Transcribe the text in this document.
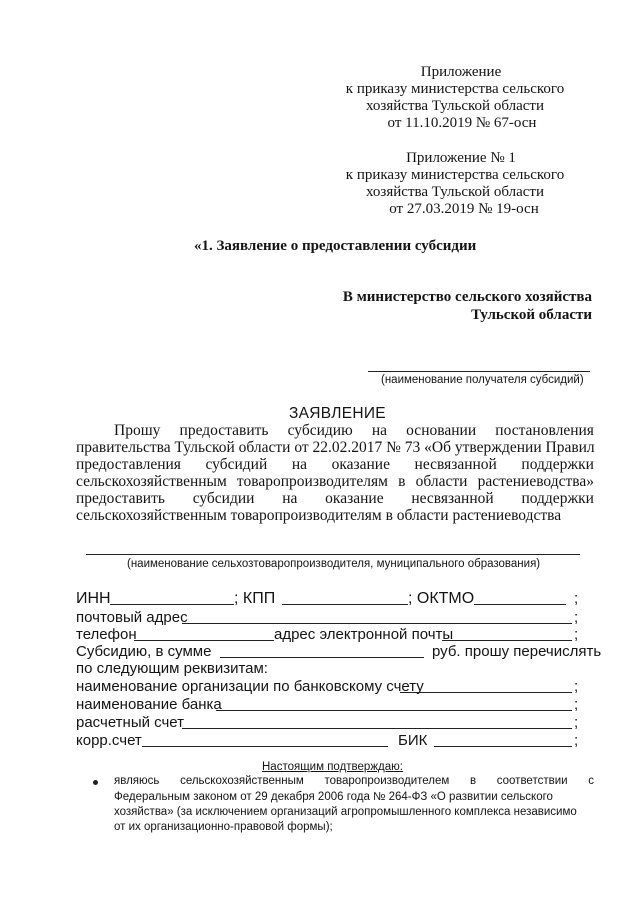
Приложение
к приказу министерства сельского
хозяйства Тульской области
от 11.10.2019 № 67-осн
Приложение № 1
к приказу министерства сельского
хозяйства Тульской области
от 27.03.2019 № 19-осн
«1. Заявление о предоставлении субсидии
В министерство сельского хозяйства
Тульской области
(наименование получателя субсидий)
ЗАЯВЛЕНИЕ
Прошу предоставить субсидию на основании постановления
правительства Тульской области от 22.02.2017 № 73 «Об утверждении Правил
предоставления субсидий на оказание несвязанной поддержки
сельскохозяйственным товаропроизводителям в области растениеводства»
предоставить субсидии на оказание несвязанной поддержки
сельскохозяйственным товаропроизводителям в области растениеводства
(наименование сельхозтоваропроизводителя, муниципального образования)
ИНН	; КПП	; ОКТМО	;
почтовый адрес	;
телефон	адрес электронной почты	;
Субсидию, в сумме	руб. прошу перечислять
по следующим реквизитам:
наименование организации по банковскому счету	;
наименование банка	;
расчетный счет	;
корр.счет	БИК	;
Настоящим подтверждаю:
являюсь сельскохозяйственным товаропроизводителем в соответствии с
Федеральным законом от 29 декабря 2006 года № 264-ФЗ «О развитии сельского
хозяйства» (за исключением организаций агропромышленного комплекса независимо
от их организационно-правовой формы);
